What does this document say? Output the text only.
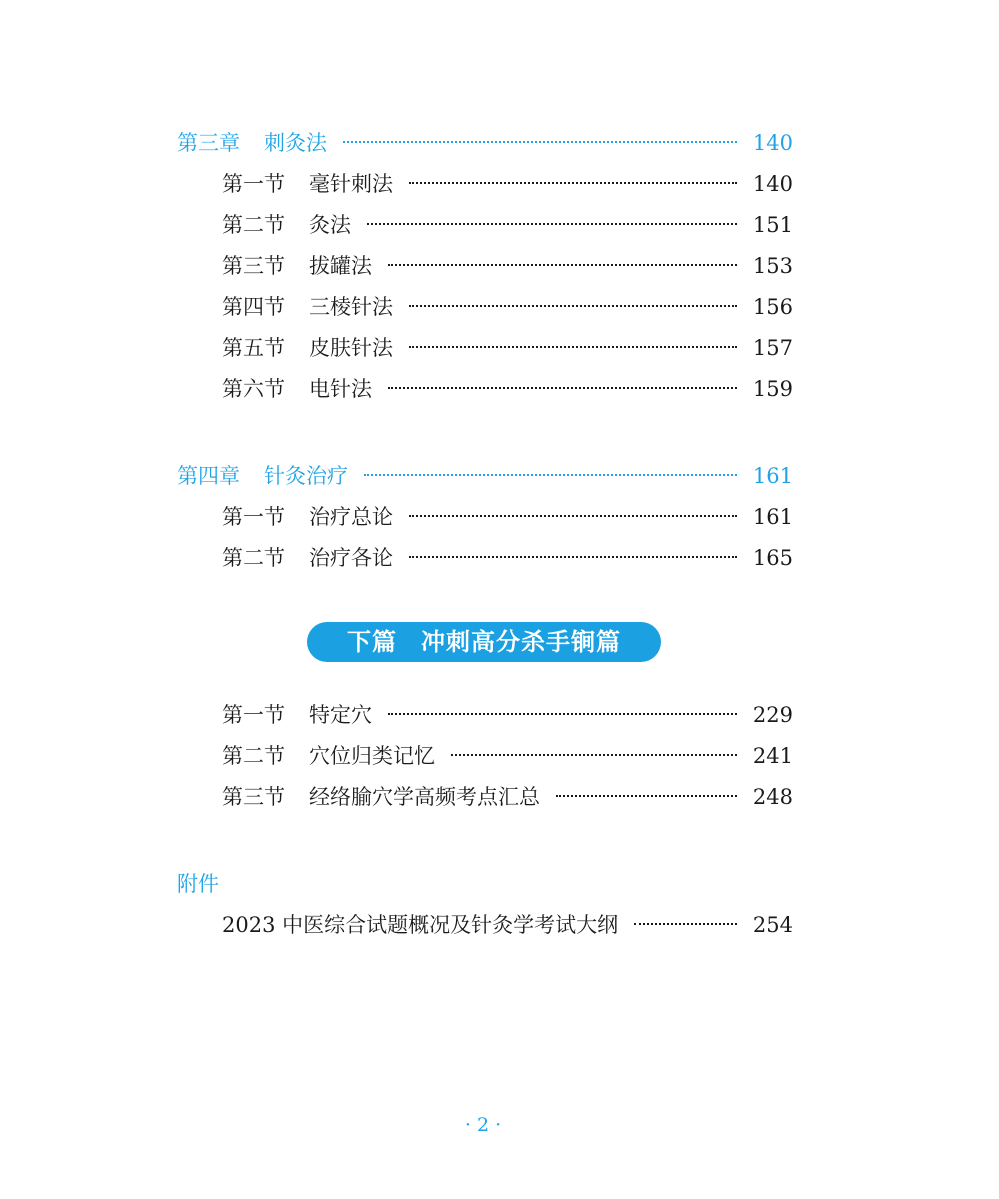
第三章 刺灸法	140
第一节 毫针刺法	140
第二节 灸法	151
第三节 拔罐法	153
第四节 三棱针法	156
第五节 皮肤针法	157
第六节 电针法	159
第四章 针灸治疗	161
第一节 治疗总论	161
第二节 治疗各论	165
下篇 冲刺高分杀手锏篇
第一节 特定穴	229
第二节 穴位归类记忆	241
第三节 经络腧穴学高频考点汇总	248
附件
2023 中医综合试题概况及针灸学考试大纲	254
· 2 ·
